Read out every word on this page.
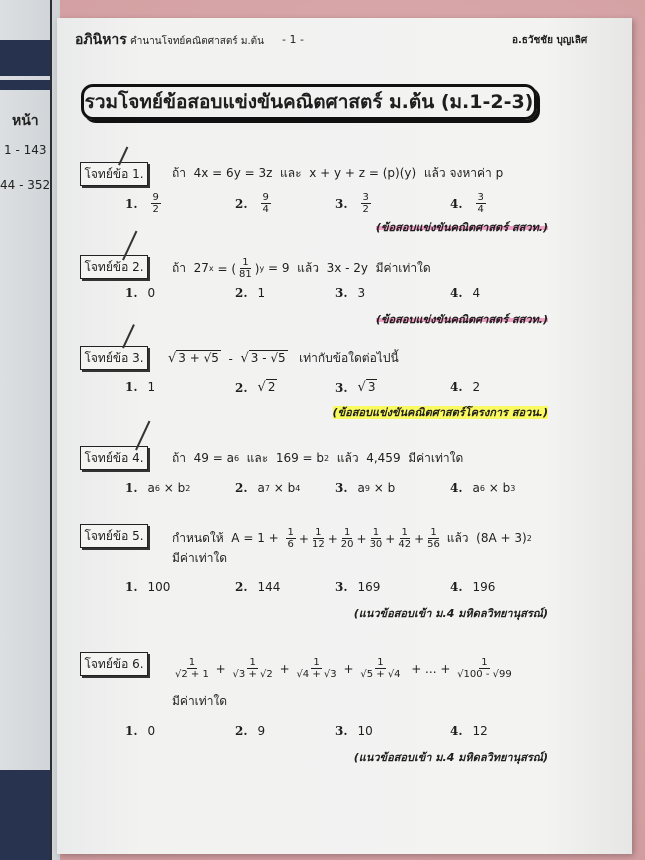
หน้า
1 - 143
44 - 352
อภินิหาร คำนานโจทย์คณิตศาสตร์ ม.ต้น - 1 -	อ.ธวัชชัย บุญเลิศ
รวมโจทย์ข้อสอบแข่งขันคณิตศาสตร์ ม.ต้น (ม.1-2-3)
โจทย์ข้อ 1.	ถ้า  4x = 6y = 3z  และ  x + y + z = (p)(y)  แล้ว จงหาค่า p
1. $\frac{9}{2}$	2. $\frac{9}{4}$	3. $\frac{3}{2}$	4. $\frac{3}{4}$
(ข้อสอบแข่งขันคณิตศาสตร์ สสวท.)
โจทย์ข้อ 2.	ถ้า  27 x = ( $\frac{1}{81}$ ) y = 9  แล้ว  3x - 2y  มีค่าเท่าใด
1. 0	2. 1	3. 3	4. 4
(ข้อสอบแข่งขันคณิตศาสตร์ สสวท.)
โจทย์ข้อ 3.	√ 3 + √5 - √ 3 - √5 เท่ากับข้อใดต่อไปนี้
1. 1	2. √ 2	3. √ 3	4. 2
(ข้อสอบแข่งขันคณิตศาสตร์โครงการ สอวน.)
โจทย์ข้อ 4.	ถ้า  49 = a 6 และ  169 = b 2 แล้ว  4,459  มีค่าเท่าใด
1. a 6 × b 2	2. a 7 × b 4	3. a 9 × b	4. a 6 × b 3
โจทย์ข้อ 5.	กำหนดให้  $A = 1 + \frac{1}{6} + \frac{1}{12} + \frac{1}{20} + \frac{1}{30} + \frac{1}{42} + \frac{1}{56}$ แล้ว  (8A + 3) 2
มีค่าเท่าใด
1. 100	2. 144	3. 169	4. 196
(แนวข้อสอบเข้า ม.4 มหิดลวิทยานุสรณ์)
โจทย์ข้อ 6.	$\frac{1}{√2 + 1} + \frac{1}{√3 + √2} + \frac{1}{√4 + √3} + \frac{1}{√5 + √4}$ + ... + $\frac{1}{√100 - √99}$
มีค่าเท่าใด
1. 0	2. 9	3. 10	4. 12
(แนวข้อสอบเข้า ม.4 มหิดลวิทยานุสรณ์)
